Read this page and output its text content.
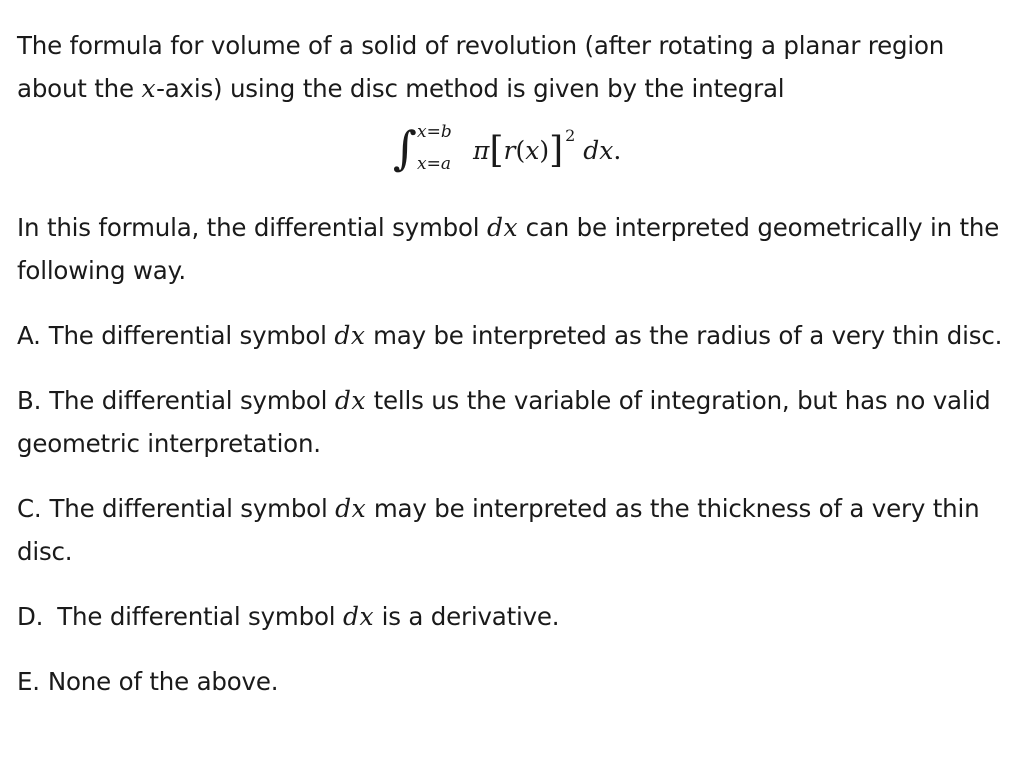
The formula for volume of a solid of revolution (after rotating a planar region about the x-axis) using the disc method is given by the integral

∫ x=b
x=a π[r(x)] $^2$ dx.

In this formula, the differential symbol dx can be interpreted geometrically in the following way.

A. The differential symbol dx may be interpreted as the radius of a very thin disc.

B. The differential symbol dx tells us the variable of integration, but has no valid geometric interpretation.

C. The differential symbol dx may be interpreted as the thickness of a very thin disc.

D. The differential symbol dx is a derivative.

E. None of the above.
